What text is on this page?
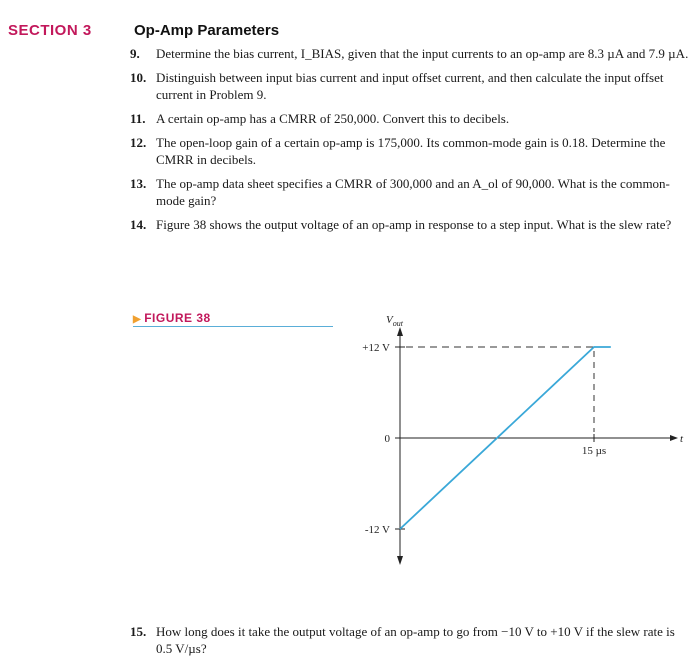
SECTION 3	Op-Amp Parameters
9.	Determine the bias current, I_BIAS, given that the input currents to an op-amp are 8.3 µA and 7.9 µA.
10. Distinguish between input bias current and input offset current, and then calculate the input offset current in Problem 9.
11. A certain op-amp has a CMRR of 250,000. Convert this to decibels.
12. The open-loop gain of a certain op-amp is 175,000. Its common-mode gain is 0.18. Determine the CMRR in decibels.
13. The op-amp data sheet specifies a CMRR of 300,000 and an A_ol of 90,000. What is the common-mode gain?
14. Figure 38 shows the output voltage of an op-amp in response to a step input. What is the slew rate?
▶ FIGURE 38	$V_{out}$
t
+12 V
0
-12 V
15 µs
15. How long does it take the output voltage of an op-amp to go from −10 V to +10 V if the slew rate is 0.5 V/µs?
